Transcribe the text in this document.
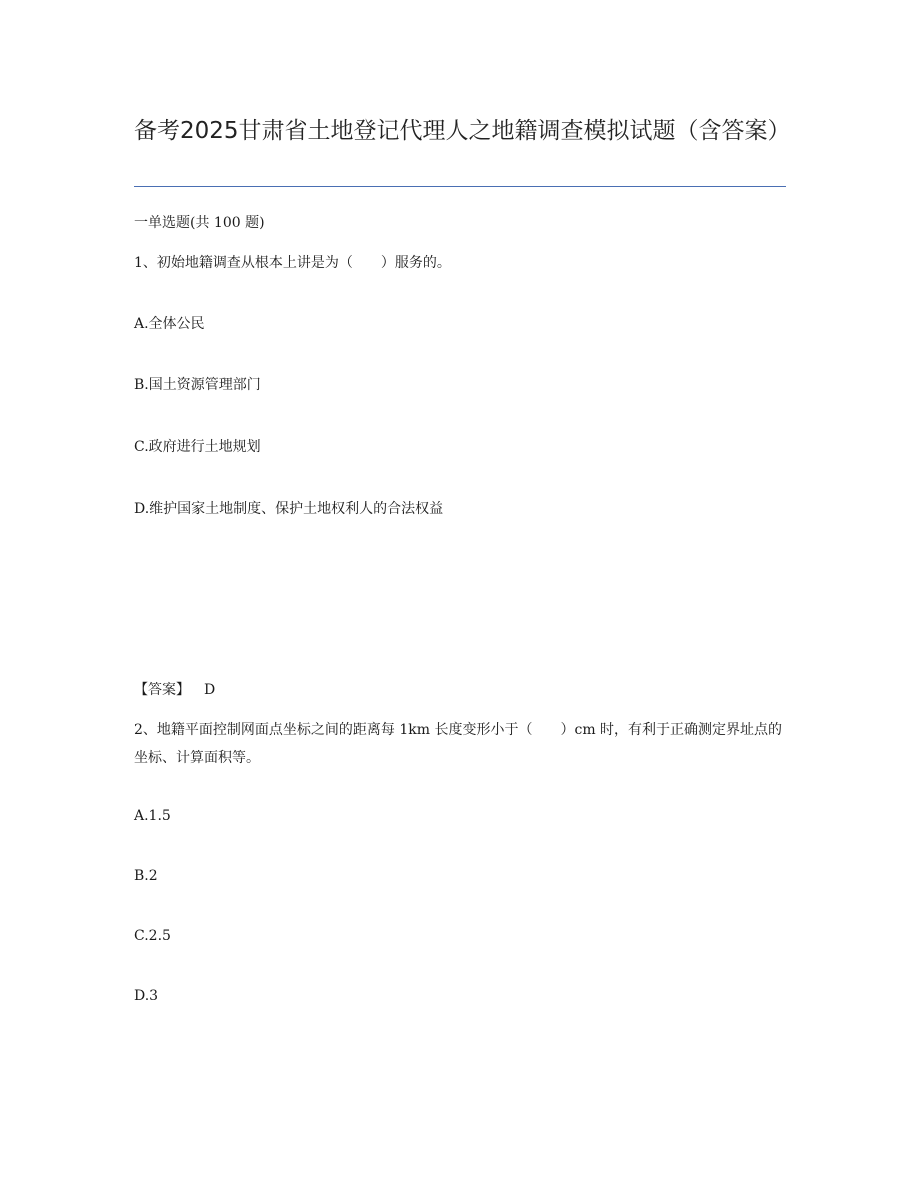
备考2025甘肃省土地登记代理人之地籍调查模拟试题（含答案）
一单选题(共 100 题)
1、初始地籍调查从根本上讲是为（　　）服务的。
A.全体公民
B.国土资源管理部门
C.政府进行土地规划
D.维护国家土地制度、保护土地权利人的合法权益
【答案】 D
2、地籍平面控制网面点坐标之间的距离每 1km 长度变形小于（　　）cm 时，有利于正确测定界址点的坐标、计算面积等。
A.1.5
B.2
C.2.5
D.3
